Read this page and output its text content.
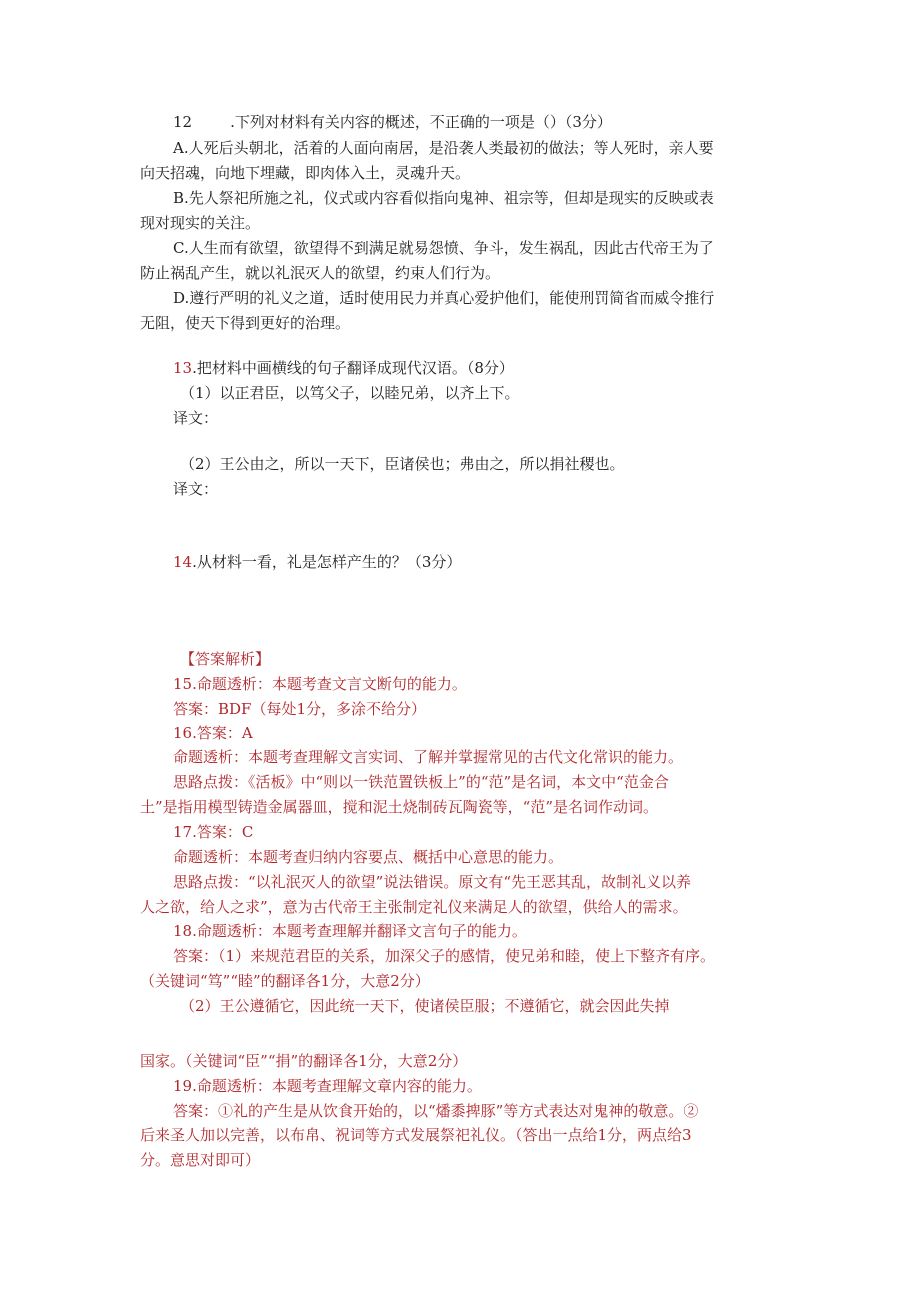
12	.下列对材料有关内容的概述，不正确的一项是（）（3分）
A.人死后头朝北，活着的人面向南居，是沿袭人类最初的做法；等人死时，亲人要
向天招魂，向地下埋藏，即肉体入土，灵魂升天。
B.先人祭祀所施之礼，仪式或内容看似指向鬼神、祖宗等，但却是现实的反映或表
现对现实的关注。
C.人生而有欲望，欲望得不到满足就易怨愤、争斗，发生祸乱，因此古代帝王为了
防止祸乱产生，就以礼泯灭人的欲望，约束人们行为。
D.遵行严明的礼义之道，适时使用民力并真心爱护他们，能使刑罚简省而威令推行
无阻，使天下得到更好的治理。
13.把材料中画横线的句子翻译成现代汉语。（8分）
（1）以正君臣，以笃父子，以睦兄弟，以齐上下。
译文：
（2）王公由之，所以一天下，臣诸侯也；弗由之，所以捐社稷也。
译文：
14.从材料一看，礼是怎样产生的？（3分）
【答案解析】
15.命题透析：本题考查文言文断句的能力。
答案：BDF（每处1分，多涂不给分）
16.答案：A
命题透析：本题考查理解文言实词、了解并掌握常见的古代文化常识的能力。
思路点拨：《活板》中“则以一铁范置铁板上”的“范”是名词，本文中“范金合
土”是指用模型铸造金属器皿，搅和泥土烧制砖瓦陶瓷等，“范”是名词作动词。
17.答案：C
命题透析：本题考查归纳内容要点、概括中心意思的能力。
思路点拨：“以礼泯灭人的欲望”说法错误。原文有“先王恶其乱，故制礼义以养
人之欲，给人之求”，意为古代帝王主张制定礼仪来满足人的欲望，供给人的需求。
18.命题透析：本题考查理解并翻译文言句子的能力。
答案：（1）来规范君臣的关系，加深父子的感情，使兄弟和睦，使上下整齐有序。
（关键词“笃”“睦”的翻译各1分，大意2分）
（2）王公遵循它，因此统一天下，使诸侯臣服；不遵循它，就会因此失掉
国家。（关键词“臣”“捐”的翻译各1分，大意2分）
19.命题透析：本题考查理解文章内容的能力。
答案：①礼的产生是从饮食开始的，以“燔黍捭豚”等方式表达对鬼神的敬意。②
后来圣人加以完善，以布帛、祝词等方式发展祭祀礼仪。（答出一点给1分，两点给3
分。意思对即可）
